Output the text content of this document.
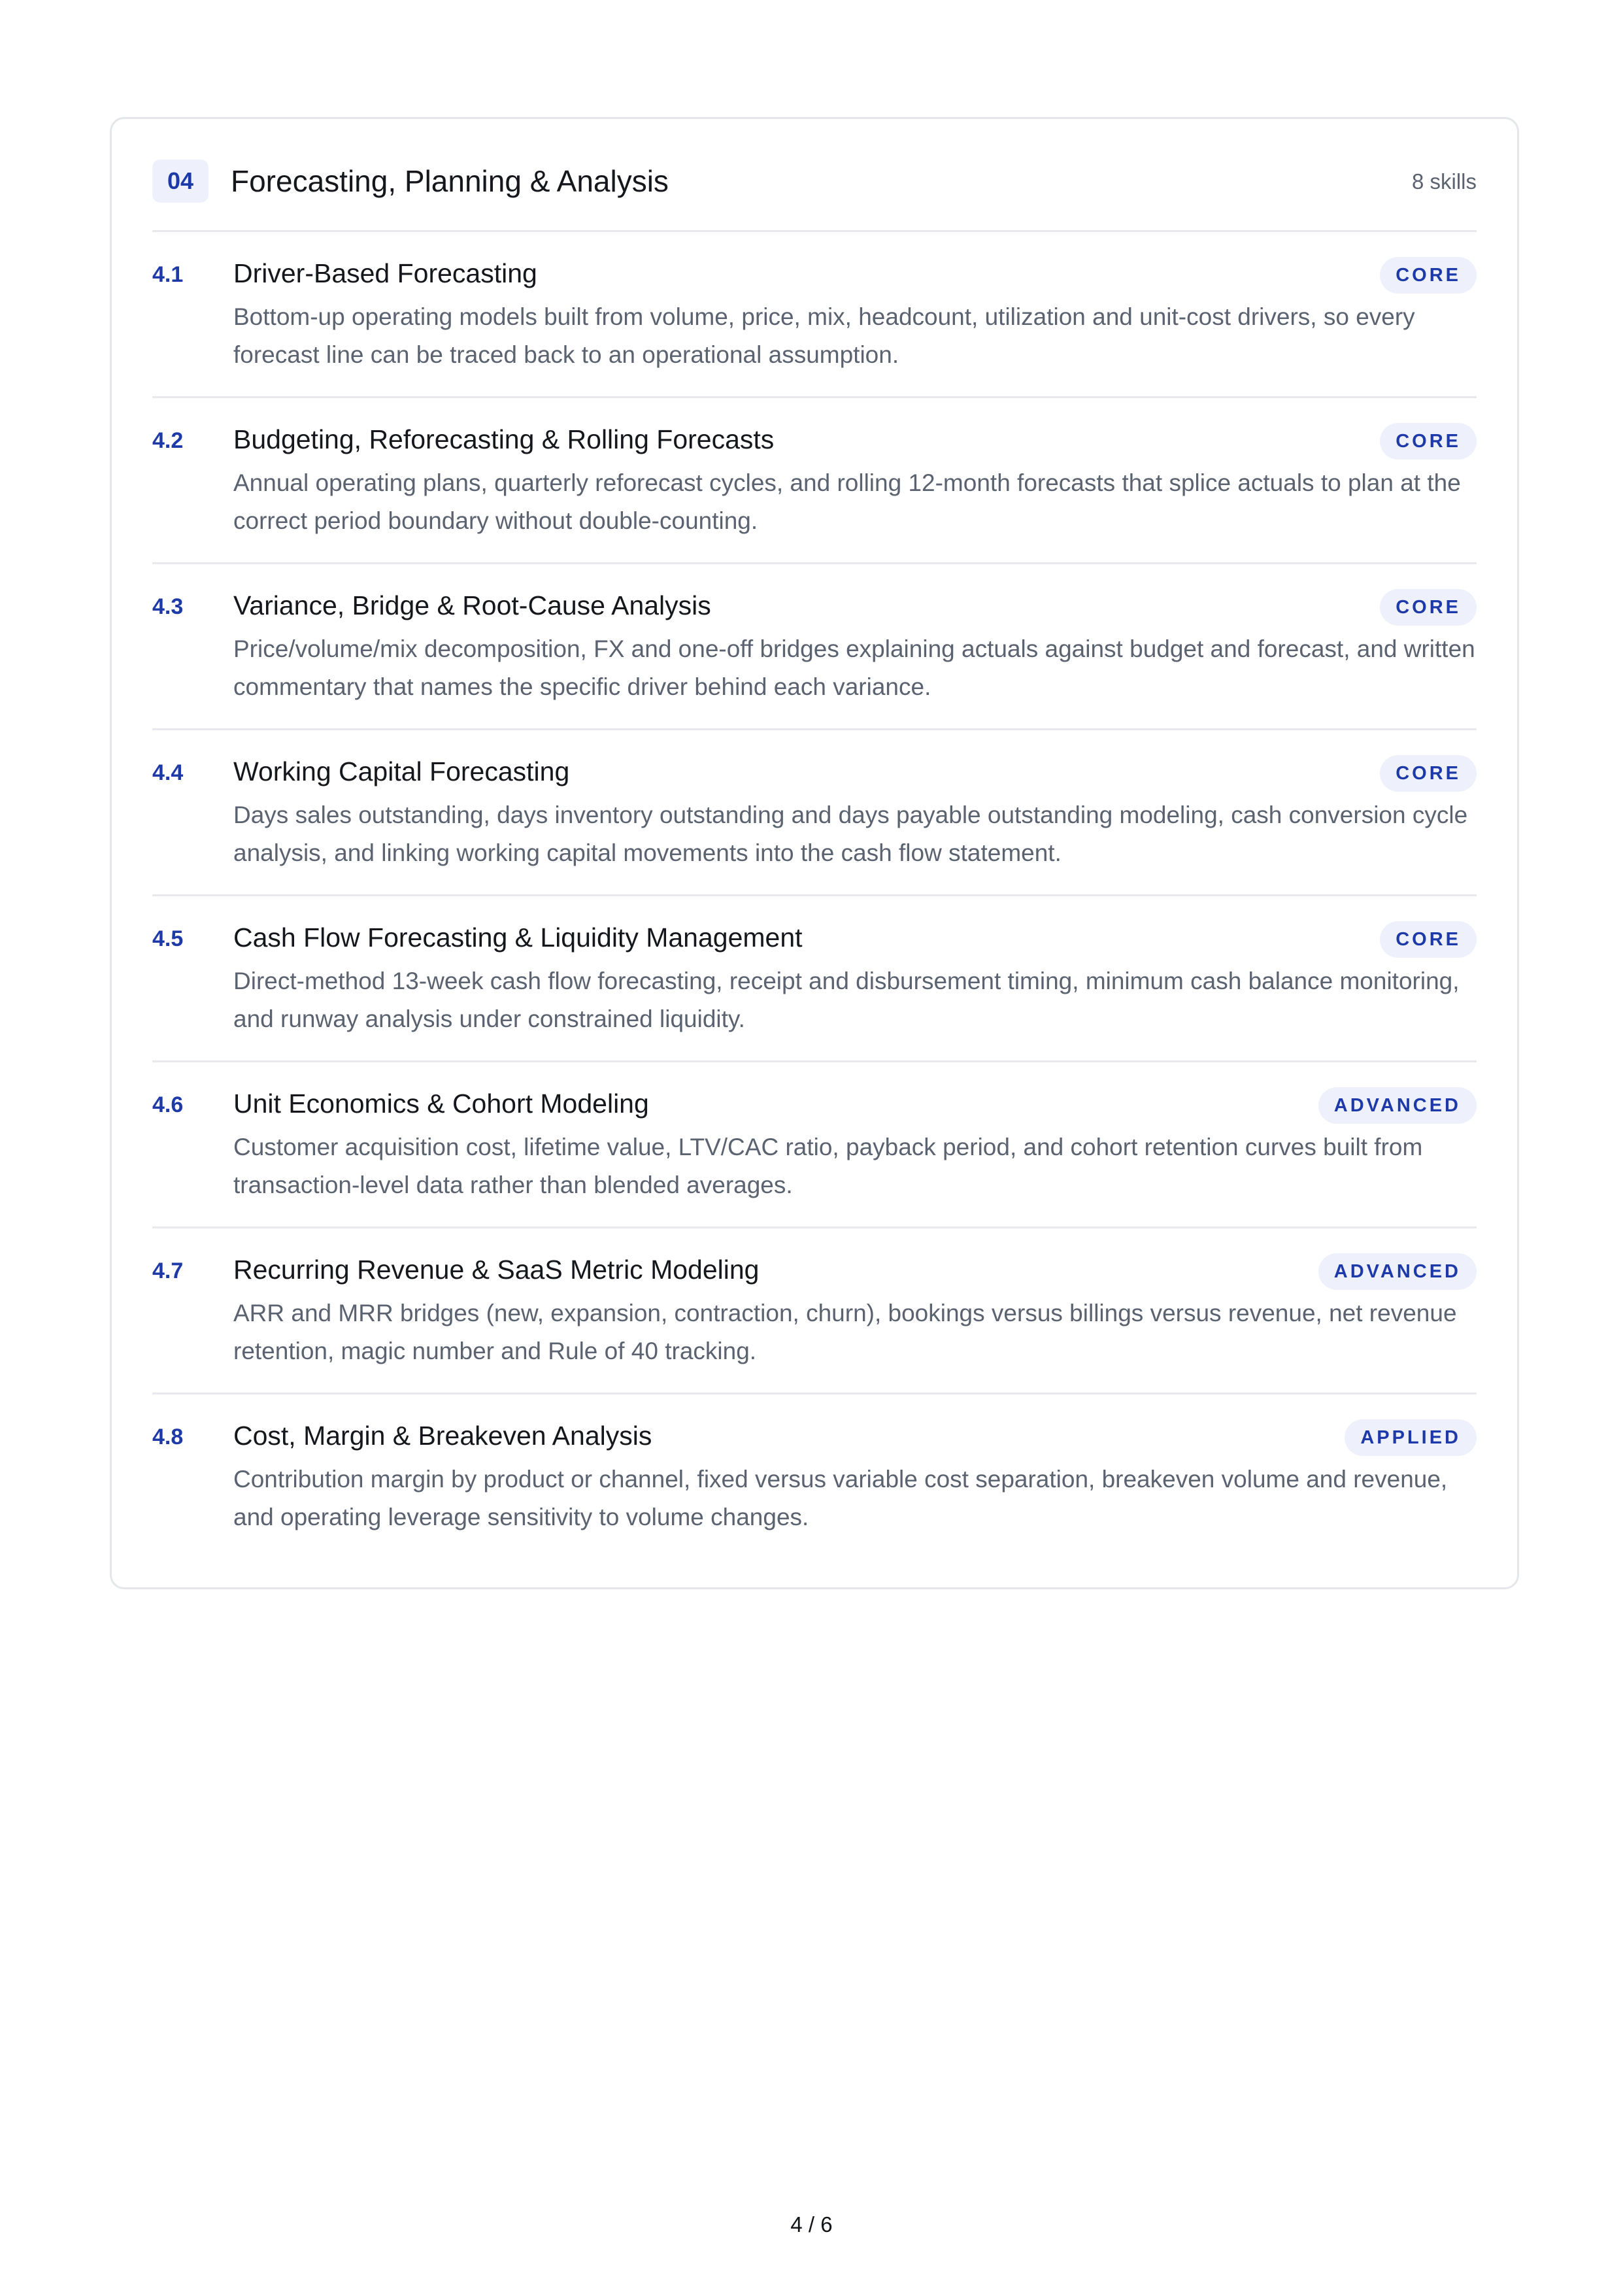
04	Forecasting, Planning & Analysis	8 skills
4.1 Driver-Based Forecasting	CORE
Bottom-up operating models built from volume, price, mix, headcount, utilization and unit-cost drivers, so every forecast line can be traced back to an operational assumption.
4.2 Budgeting, Reforecasting & Rolling Forecasts	CORE
Annual operating plans, quarterly reforecast cycles, and rolling 12-month forecasts that splice actuals to plan at the correct period boundary without double-counting.
4.3 Variance, Bridge & Root-Cause Analysis	CORE
Price/volume/mix decomposition, FX and one-off bridges explaining actuals against budget and forecast, and written commentary that names the specific driver behind each variance.
4.4 Working Capital Forecasting	CORE
Days sales outstanding, days inventory outstanding and days payable outstanding modeling, cash conversion cycle analysis, and linking working capital movements into the cash flow statement.
4.5 Cash Flow Forecasting & Liquidity Management	CORE
Direct-method 13-week cash flow forecasting, receipt and disbursement timing, minimum cash balance monitoring, and runway analysis under constrained liquidity.
4.6 Unit Economics & Cohort Modeling	ADVANCED
Customer acquisition cost, lifetime value, LTV/CAC ratio, payback period, and cohort retention curves built from transaction-level data rather than blended averages.
4.7 Recurring Revenue & SaaS Metric Modeling	ADVANCED
ARR and MRR bridges (new, expansion, contraction, churn), bookings versus billings versus revenue, net revenue retention, magic number and Rule of 40 tracking.
4.8 Cost, Margin & Breakeven Analysis	APPLIED
Contribution margin by product or channel, fixed versus variable cost separation, breakeven volume and revenue, and operating leverage sensitivity to volume changes.
4 / 6
